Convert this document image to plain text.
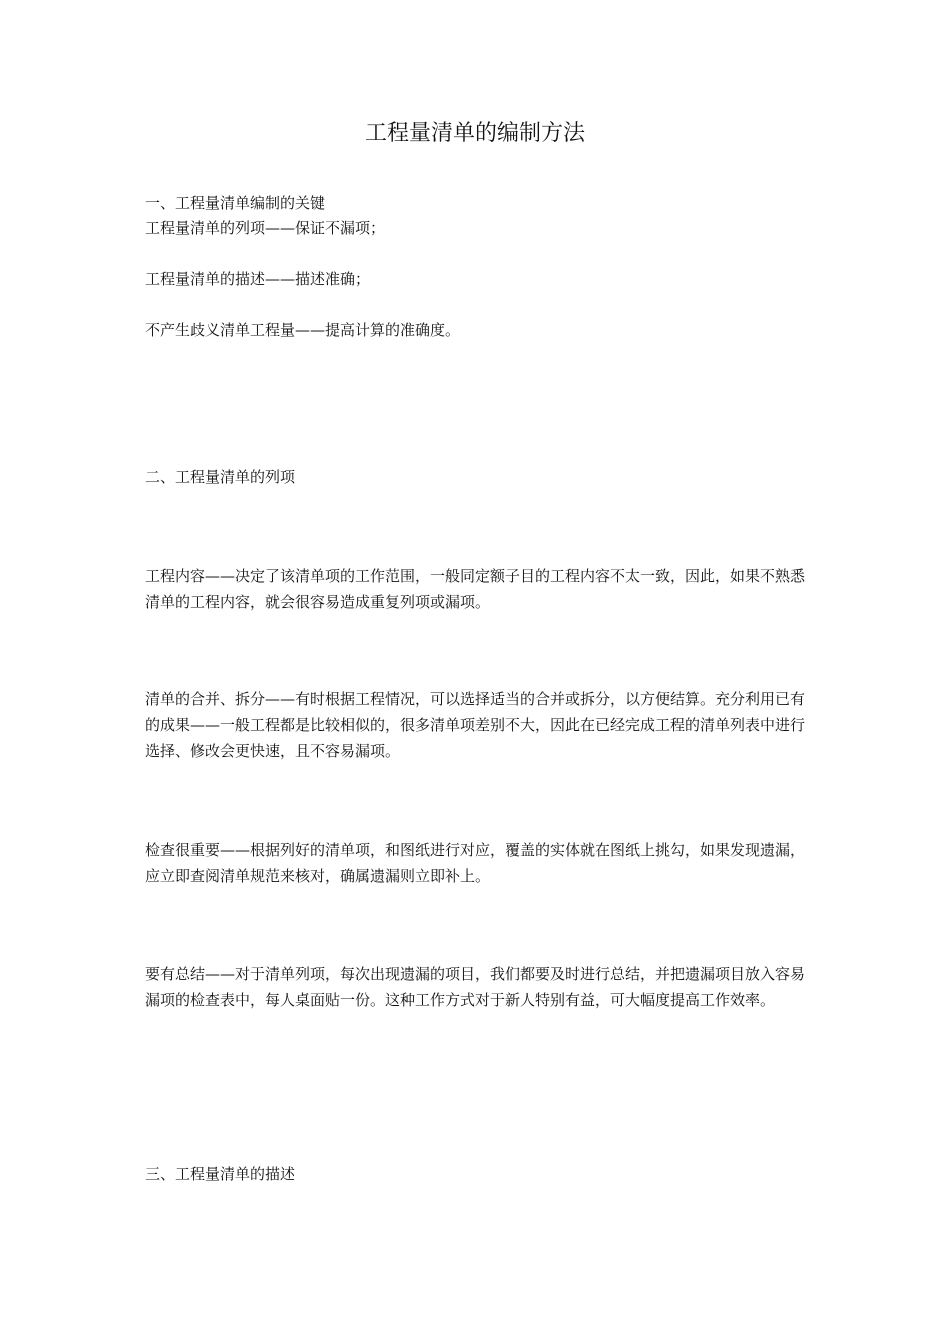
工程量清单的编制方法

一、工程量清单编制的关键

工程量清单的列项——保证不漏项；

工程量清单的描述——描述准确；

不产生歧义清单工程量——提高计算的准确度。

二、工程量清单的列项

工程内容——决定了该清单项的工作范围，一般同定额子目的工程内容不太一致，因此，如果不熟悉清单的工程内容，就会很容易造成重复列项或漏项。

清单的合并、拆分——有时根据工程情况，可以选择适当的合并或拆分，以方便结算。充分利用已有的成果——一般工程都是比较相似的，很多清单项差别不大，因此在已经完成工程的清单列表中进行选择、修改会更快速，且不容易漏项。

检查很重要——根据列好的清单项，和图纸进行对应，覆盖的实体就在图纸上挑勾，如果发现遗漏，应立即查阅清单规范来核对，确属遗漏则立即补上。

要有总结——对于清单列项，每次出现遗漏的项目，我们都要及时进行总结，并把遗漏项目放入容易漏项的检查表中，每人桌面贴一份。这种工作方式对于新人特别有益，可大幅度提高工作效率。

三、工程量清单的描述
